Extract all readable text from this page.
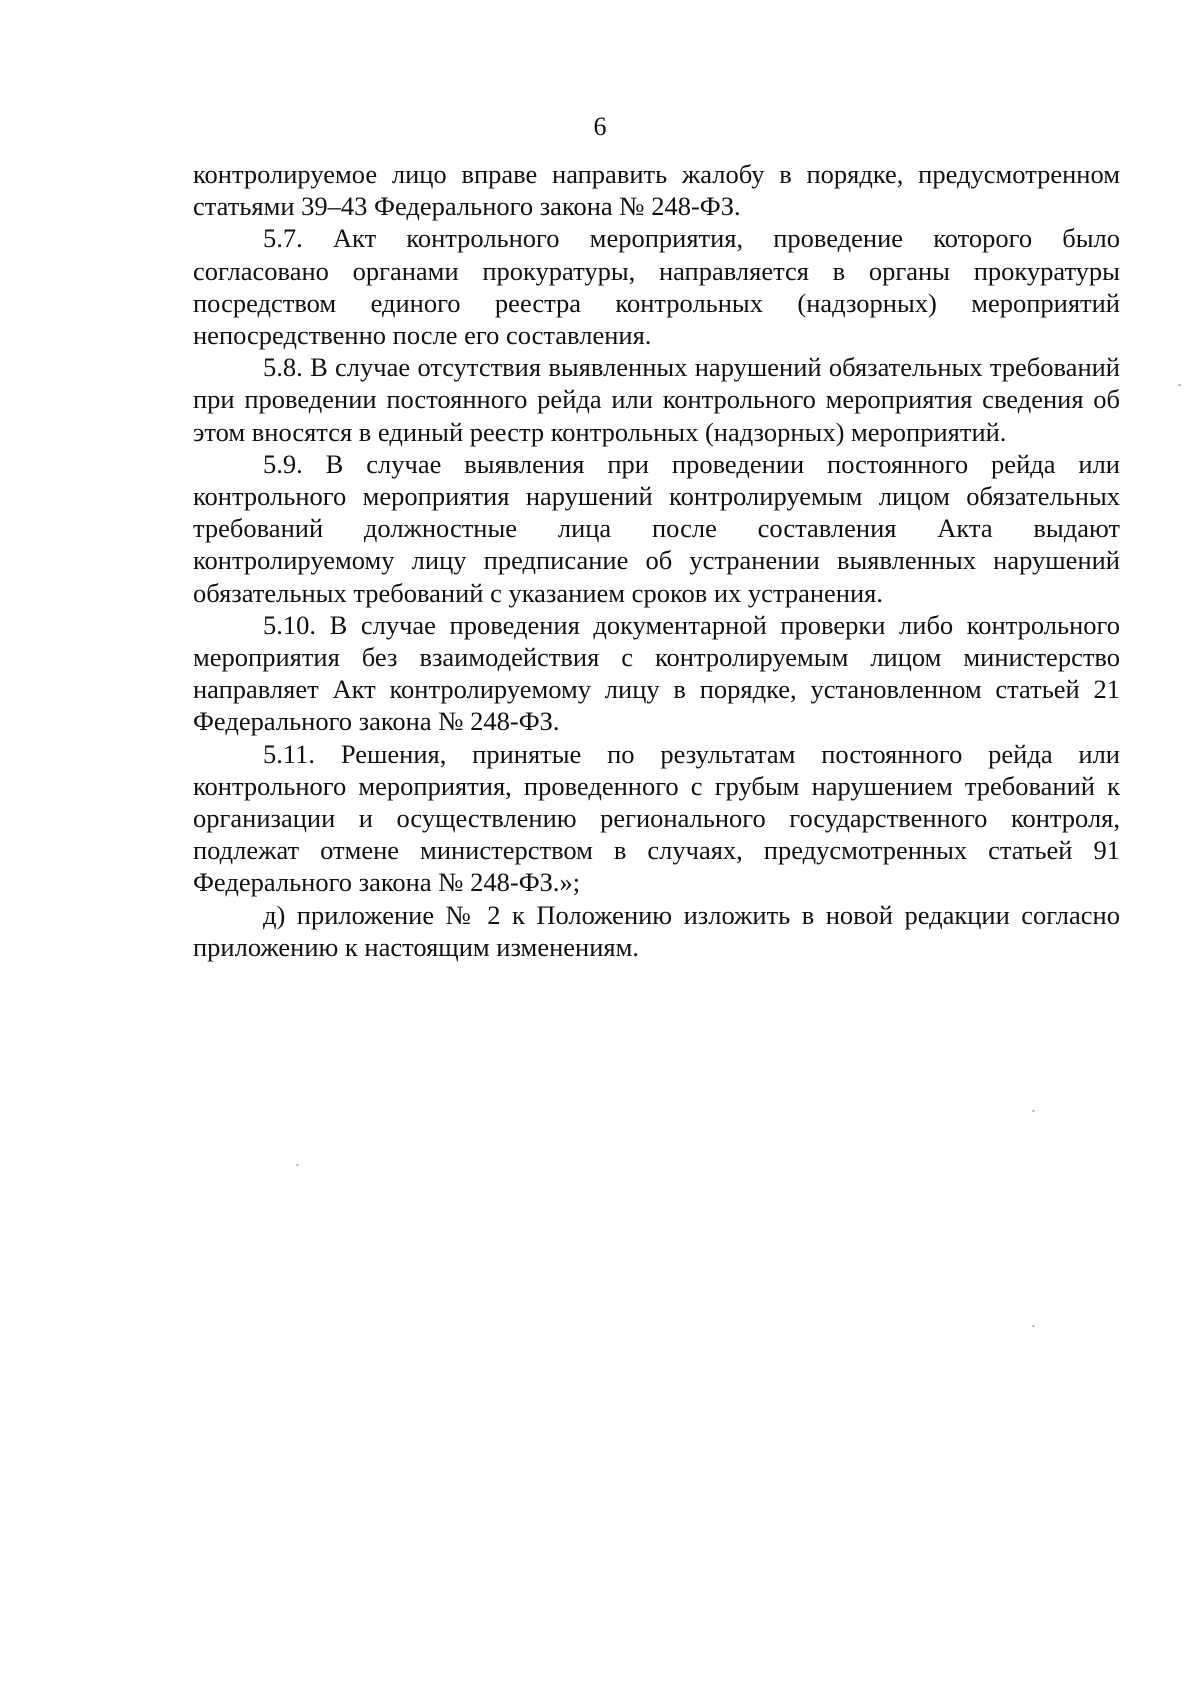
6

контролируемое лицо вправе направить жалобу в порядке, предусмотренном статьями 39–43 Федерального закона № 248-ФЗ.

5.7. Акт контрольного мероприятия, проведение которого было согласовано органами прокуратуры, направляется в органы прокуратуры посредством единого реестра контрольных (надзорных) мероприятий непосредственно после его составления.

5.8. В случае отсутствия выявленных нарушений обязательных требований при проведении постоянного рейда или контрольного мероприятия сведения об этом вносятся в единый реестр контрольных (надзорных) мероприятий.

5.9. В случае выявления при проведении постоянного рейда или контрольного мероприятия нарушений контролируемым лицом обязательных требований должностные лица после составления Акта выдают контролируемому лицу предписание об устранении выявленных нарушений обязательных требований с указанием сроков их устранения.

5.10. В случае проведения документарной проверки либо контрольного мероприятия без взаимодействия с контролируемым лицом министерство направляет Акт контролируемому лицу в порядке, установленном статьей 21 Федерального закона № 248-ФЗ.

5.11. Решения, принятые по результатам постоянного рейда или контрольного мероприятия, проведенного с грубым нарушением требований к организации и осуществлению регионального государственного контроля, подлежат отмене министерством в случаях, предусмотренных статьей 91 Федерального закона № 248-ФЗ.»;

д) приложение № 2 к Положению изложить в новой редакции согласно приложению к настоящим изменениям.
